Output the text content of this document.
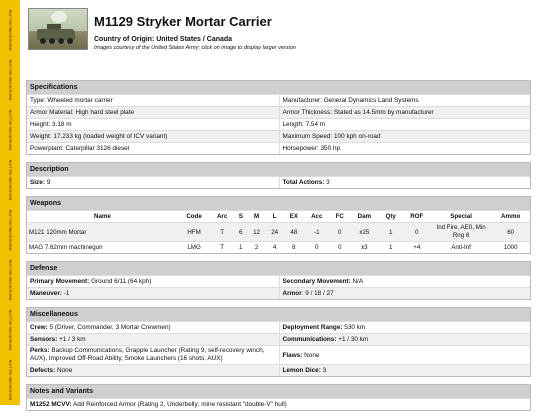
MAKEDEVINE HELLION
MAKEDEVINE HELLION
MAKEDEVINE HELLION
MAKEDEVINE HELLION
MAKEDEVINE HELLION
MAKEDEVINE HELLION
MAKEDEVINE HELLION
MAKEDEVINE HELLION
M1129 Stryker Mortar Carrier
Country of Origin: United States / Canada
Images courtesy of the United States Army; click on image to display larger version
Specifications
Type: Wheeled mortar carrier	Manufacturer: General Dynamics Land Systems
Armor Material: High hard steel plate	Armor Thickness: Stated as 14.5mm by manufacturer
Height: 3.18 m	Length: 7.54 m
Weight: 17,233 kg (loaded weight of ICV variant)	Maximum Speed: 100 kph on-road
Powerplant: Caterpillar 3126 diesel	Horsepower: 350 hp
Description
Size: 9	Total Actions: 3
Weapons
Name	Code	Arc	S	M	L	EX	Acc	FC	Dam	Qty	ROF	Special	Ammo
M121 120mm Mortar	HFM	T	6	12	24	48	-1	0	x25	1	0	Ind Fire, AE0, Min Rng 6	60
MAG 7.62mm machinegun	LMG	T	1	2	4	8	0	0	x3	1	+4	Anti-Inf	1000
Defense
Primary Movement: Ground 6/11 (64 kph)	Secondary Movement: N/A
Maneuver: -1	Armor: 9 / 18 / 27
Miscellaneous
Crew: 5 (Driver, Commander, 3 Mortar Crewmen)	Deployment Range: 530 km
Sensors: +1 / 3 km	Communications: +1 / 30 km
Perks: Backup Communications, Grapple Launcher (Rating 9, self-recovery winch, AUX), Improved Off-Road Ability, Smoke Launchers (16 shots, AUX)	Flaws: None
Defects: None	Lemon Dice: 3
Notes and Variants
M1252 MCVV: Add Reinforced Armor (Rating 2, Underbelly; mine resistant "double-V" hull)
